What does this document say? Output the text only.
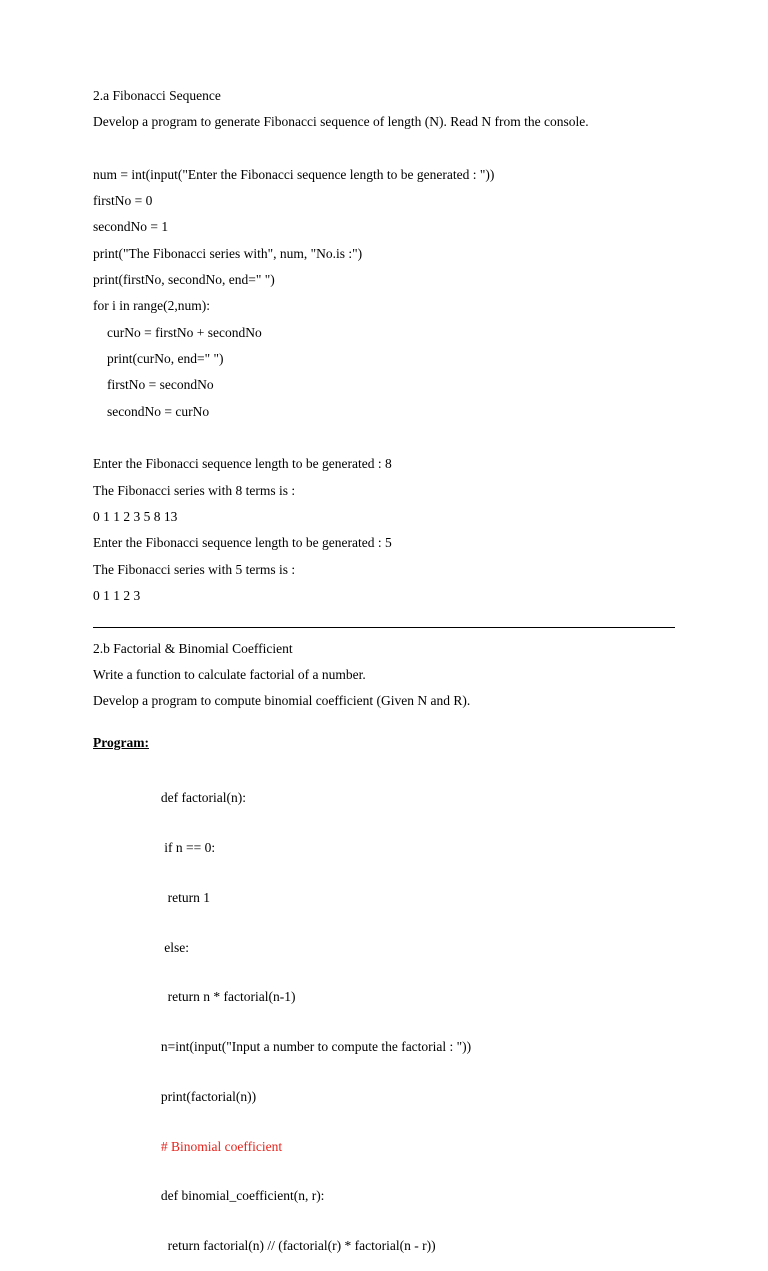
2.a Fibonacci Sequence
Develop a program to generate Fibonacci sequence of length (N). Read N from the console.
num = int(input("Enter the Fibonacci sequence length to be generated : "))
firstNo = 0
secondNo = 1
print("The Fibonacci series with", num, "No.is :")
print(firstNo, secondNo, end=" ")
for i in range(2,num):
curNo = firstNo + secondNo
print(curNo, end=" ")
firstNo = secondNo
secondNo = curNo
Enter the Fibonacci sequence length to be generated : 8
The Fibonacci series with 8 terms is :
0 1 1 2 3 5 8 13
Enter the Fibonacci sequence length to be generated : 5
The Fibonacci series with 5 terms is :
0 1 1 2 3
2.b Factorial & Binomial Coefficient
Write a function to calculate factorial of a number.
Develop a program to compute binomial coefficient (Given N and R).
Program:

def factorial(n):

if n == 0:

return 1

else:

return n * factorial(n-1)

n=int(input("Input a number to compute the factorial : "))

print(factorial(n))

# Binomial coefficient

def binomial_coefficient(n, r):

return factorial(n) // (factorial(r) * factorial(n - r))
